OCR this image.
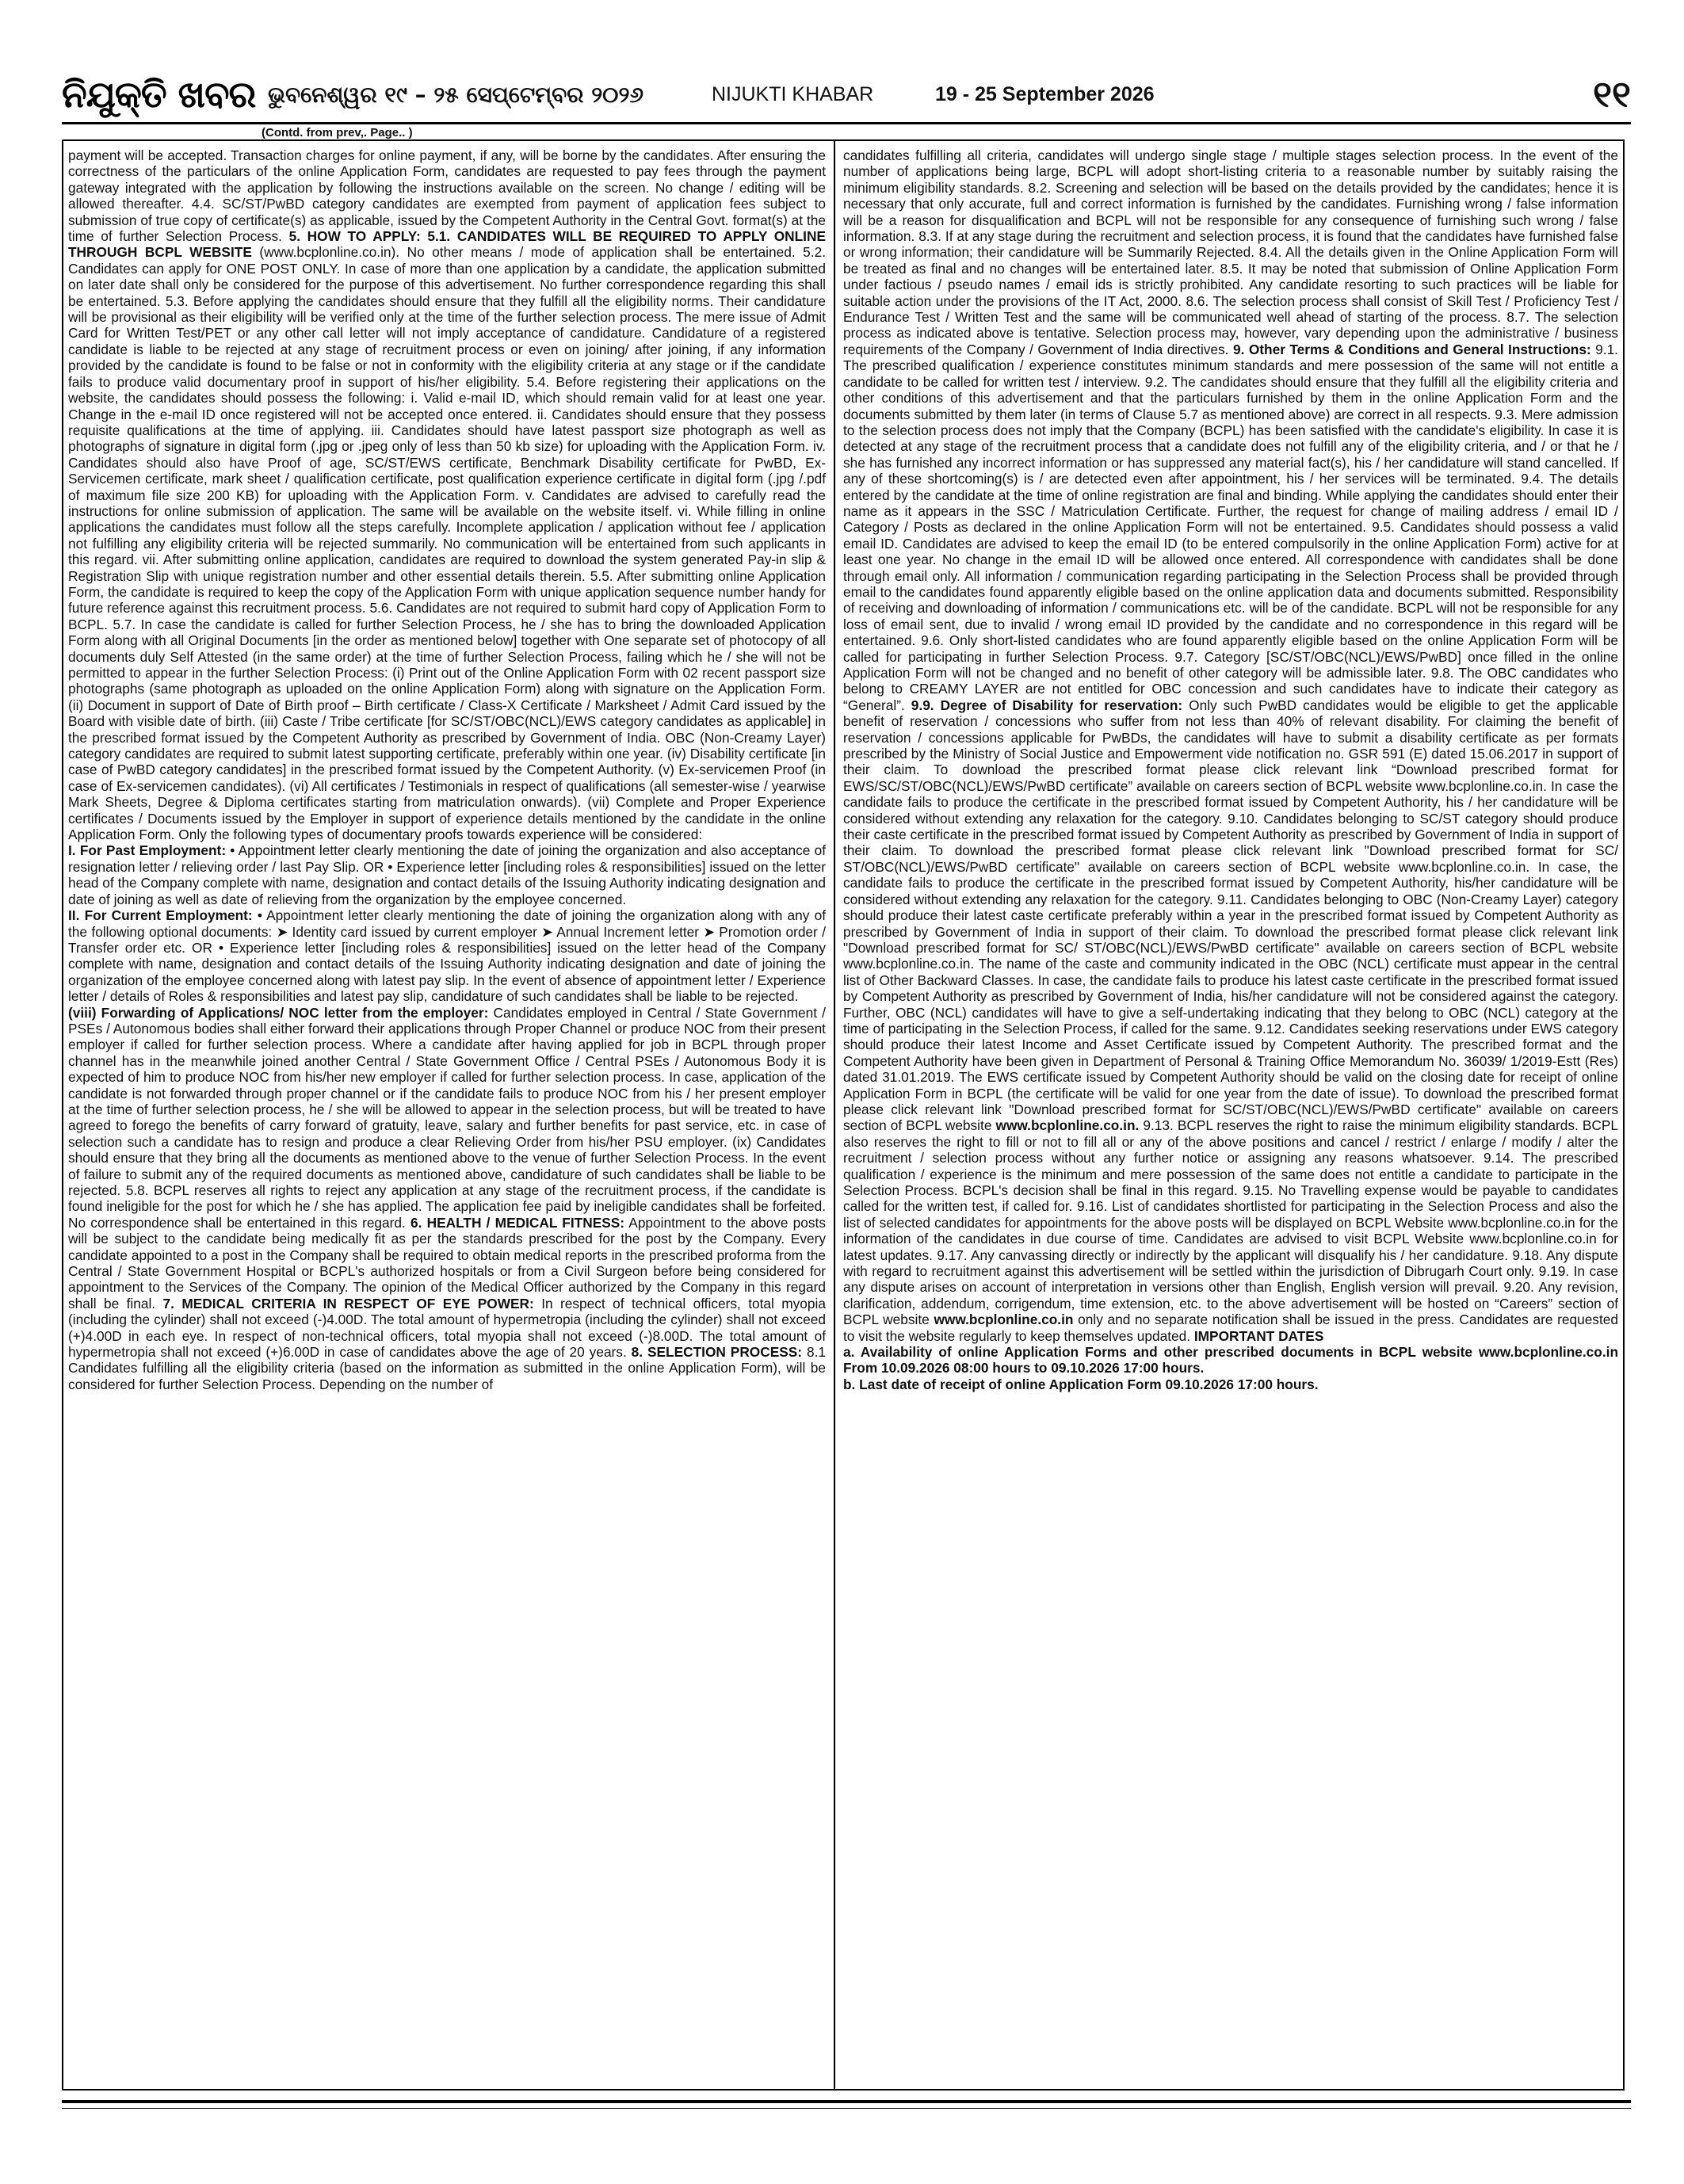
ନିଯୁକ୍ତି ଖବର ଭୁବନେଶ୍ୱର ୧୯ – ୨୫ ସେପ୍ଟେମ୍ବର ୨୦୨୬	NIJUKTI KHABAR	19 - 25 September 2026	୧୧
(Contd. from prev,. Page.. )

payment will be accepted. Transaction charges for online payment, if any, will be borne by the candidates. After ensuring the correctness of the particulars of the online Application Form, candidates are requested to pay fees through the payment gateway integrated with the application by following the instructions available on the screen. No change / editing will be allowed thereafter. 4.4. SC/ST/PwBD category candidates are exempted from payment of application fees subject to submission of true copy of certificate(s) as applicable, issued by the Competent Authority in the Central Govt. format(s) at the time of further Selection Process. 5. HOW TO APPLY: 5.1. CANDIDATES WILL BE REQUIRED TO APPLY ONLINE THROUGH BCPL WEBSITE (www.bcplonline.co.in). No other means / mode of application shall be entertained. 5.2. Candidates can apply for ONE POST ONLY. In case of more than one application by a candidate, the application submitted on later date shall only be considered for the purpose of this advertisement. No further correspondence regarding this shall be entertained. 5.3. Before applying the candidates should ensure that they fulfill all the eligibility norms. Their candidature will be provisional as their eligibility will be verified only at the time of the further selection process. The mere issue of Admit Card for Written Test/PET or any other call letter will not imply acceptance of candidature. Candidature of a registered candidate is liable to be rejected at any stage of recruitment process or even on joining/ after joining, if any information provided by the candidate is found to be false or not in conformity with the eligibility criteria at any stage or if the candidate fails to produce valid documentary proof in support of his/her eligibility. 5.4. Before registering their applications on the website, the candidates should possess the following: i. Valid e-mail ID, which should remain valid for at least one year. Change in the e-mail ID once registered will not be accepted once entered. ii. Candidates should ensure that they possess requisite qualifications at the time of applying. iii. Candidates should have latest passport size photograph as well as photographs of signature in digital form (.jpg or .jpeg only of less than 50 kb size) for uploading with the Application Form. iv. Candidates should also have Proof of age, SC/ST/EWS certificate, Benchmark Disability certificate for PwBD, Ex-Servicemen certificate, mark sheet / qualification certificate, post qualification experience certificate in digital form (.jpg /.pdf of maximum file size 200 KB) for uploading with the Application Form. v. Candidates are advised to carefully read the instructions for online submission of application. The same will be available on the website itself. vi. While filling in online applications the candidates must follow all the steps carefully. Incomplete application / application without fee / application not fulfilling any eligibility criteria will be rejected summarily. No communication will be entertained from such applicants in this regard. vii. After submitting online application, candidates are required to download the system generated Pay-in slip & Registration Slip with unique registration number and other essential details therein. 5.5. After submitting online Application Form, the candidate is required to keep the copy of the Application Form with unique application sequence number handy for future reference against this recruitment process. 5.6. Candidates are not required to submit hard copy of Application Form to BCPL. 5.7. In case the candidate is called for further Selection Process, he / she has to bring the downloaded Application Form along with all Original Documents [in the order as mentioned below] together with One separate set of photocopy of all documents duly Self Attested (in the same order) at the time of further Selection Process, failing which he / she will not be permitted to appear in the further Selection Process: (i) Print out of the Online Application Form with 02 recent passport size photographs (same photograph as uploaded on the online Application Form) along with signature on the Application Form. (ii) Document in support of Date of Birth proof – Birth certificate / Class-X Certificate / Marksheet / Admit Card issued by the Board with visible date of birth. (iii) Caste / Tribe certificate [for SC/ST/OBC(NCL)/EWS category candidates as applicable] in the prescribed format issued by the Competent Authority as prescribed by Government of India. OBC (Non-Creamy Layer) category candidates are required to submit latest supporting certificate, preferably within one year. (iv) Disability certificate [in case of PwBD category candidates] in the prescribed format issued by the Competent Authority. (v) Ex-servicemen Proof (in case of Ex-servicemen candidates). (vi) All certificates / Testimonials in respect of qualifications (all semester-wise / yearwise Mark Sheets, Degree & Diploma certificates starting from matriculation onwards). (vii) Complete and Proper Experience certificates / Documents issued by the Employer in support of experience details mentioned by the candidate in the online Application Form. Only the following types of documentary proofs towards experience will be considered:

I. For Past Employment: • Appointment letter clearly mentioning the date of joining the organization and also acceptance of resignation letter / relieving order / last Pay Slip. OR • Experience letter [including roles & responsibilities] issued on the letter head of the Company complete with name, designation and contact details of the Issuing Authority indicating designation and date of joining as well as date of relieving from the organization by the employee concerned.

II. For Current Employment: • Appointment letter clearly mentioning the date of joining the organization along with any of the following optional documents: ➤ Identity card issued by current employer ➤ Annual Increment letter ➤ Promotion order / Transfer order etc. OR • Experience letter [including roles & responsibilities] issued on the letter head of the Company complete with name, designation and contact details of the Issuing Authority indicating designation and date of joining the organization of the employee concerned along with latest pay slip. In the event of absence of appointment letter / Experience letter / details of Roles & responsibilities and latest pay slip, candidature of such candidates shall be liable to be rejected.

(viii) Forwarding of Applications/ NOC letter from the employer: Candidates employed in Central / State Government / PSEs / Autonomous bodies shall either forward their applications through Proper Channel or produce NOC from their present employer if called for further selection process. Where a candidate after having applied for job in BCPL through proper channel has in the meanwhile joined another Central / State Government Office / Central PSEs / Autonomous Body it is expected of him to produce NOC from his/her new employer if called for further selection process. In case, application of the candidate is not forwarded through proper channel or if the candidate fails to produce NOC from his / her present employer at the time of further selection process, he / she will be allowed to appear in the selection process, but will be treated to have agreed to forego the benefits of carry forward of gratuity, leave, salary and further benefits for past service, etc. in case of selection such a candidate has to resign and produce a clear Relieving Order from his/her PSU employer. (ix) Candidates should ensure that they bring all the documents as mentioned above to the venue of further Selection Process. In the event of failure to submit any of the required documents as mentioned above, candidature of such candidates shall be liable to be rejected. 5.8. BCPL reserves all rights to reject any application at any stage of the recruitment process, if the candidate is found ineligible for the post for which he / she has applied. The application fee paid by ineligible candidates shall be forfeited. No correspondence shall be entertained in this regard. 6. HEALTH / MEDICAL FITNESS: Appointment to the above posts will be subject to the candidate being medically fit as per the standards prescribed for the post by the Company. Every candidate appointed to a post in the Company shall be required to obtain medical reports in the prescribed proforma from the Central / State Government Hospital or BCPL's authorized hospitals or from a Civil Surgeon before being considered for appointment to the Services of the Company. The opinion of the Medical Officer authorized by the Company in this regard shall be final. 7. MEDICAL CRITERIA IN RESPECT OF EYE POWER: In respect of technical officers, total myopia (including the cylinder) shall not exceed (-)4.00D. The total amount of hypermetropia (including the cylinder) shall not exceed (+)4.00D in each eye. In respect of non-technical officers, total myopia shall not exceed (-)8.00D. The total amount of hypermetropia shall not exceed (+)6.00D in case of candidates above the age of 20 years. 8. SELECTION PROCESS: 8.1 Candidates fulfilling all the eligibility criteria (based on the information as submitted in the online Application Form), will be considered for further Selection Process. Depending on the number of

candidates fulfilling all criteria, candidates will undergo single stage / multiple stages selection process. In the event of the number of applications being large, BCPL will adopt short-listing criteria to a reasonable number by suitably raising the minimum eligibility standards. 8.2. Screening and selection will be based on the details provided by the candidates; hence it is necessary that only accurate, full and correct information is furnished by the candidates. Furnishing wrong / false information will be a reason for disqualification and BCPL will not be responsible for any consequence of furnishing such wrong / false information. 8.3. If at any stage during the recruitment and selection process, it is found that the candidates have furnished false or wrong information; their candidature will be Summarily Rejected. 8.4. All the details given in the Online Application Form will be treated as final and no changes will be entertained later. 8.5. It may be noted that submission of Online Application Form under factious / pseudo names / email ids is strictly prohibited. Any candidate resorting to such practices will be liable for suitable action under the provisions of the IT Act, 2000. 8.6. The selection process shall consist of Skill Test / Proficiency Test / Endurance Test / Written Test and the same will be communicated well ahead of starting of the process. 8.7. The selection process as indicated above is tentative. Selection process may, however, vary depending upon the administrative / business requirements of the Company / Government of India directives. 9. Other Terms & Conditions and General Instructions: 9.1. The prescribed qualification / experience constitutes minimum standards and mere possession of the same will not entitle a candidate to be called for written test / interview. 9.2. The candidates should ensure that they fulfill all the eligibility criteria and other conditions of this advertisement and that the particulars furnished by them in the online Application Form and the documents submitted by them later (in terms of Clause 5.7 as mentioned above) are correct in all respects. 9.3. Mere admission to the selection process does not imply that the Company (BCPL) has been satisfied with the candidate's eligibility. In case it is detected at any stage of the recruitment process that a candidate does not fulfill any of the eligibility criteria, and / or that he / she has furnished any incorrect information or has suppressed any material fact(s), his / her candidature will stand cancelled. If any of these shortcoming(s) is / are detected even after appointment, his / her services will be terminated. 9.4. The details entered by the candidate at the time of online registration are final and binding. While applying the candidates should enter their name as it appears in the SSC / Matriculation Certificate. Further, the request for change of mailing address / email ID / Category / Posts as declared in the online Application Form will not be entertained. 9.5. Candidates should possess a valid email ID. Candidates are advised to keep the email ID (to be entered compulsorily in the online Application Form) active for at least one year. No change in the email ID will be allowed once entered. All correspondence with candidates shall be done through email only. All information / communication regarding participating in the Selection Process shall be provided through email to the candidates found apparently eligible based on the online application data and documents submitted. Responsibility of receiving and downloading of information / communications etc. will be of the candidate. BCPL will not be responsible for any loss of email sent, due to invalid / wrong email ID provided by the candidate and no correspondence in this regard will be entertained. 9.6. Only short-listed candidates who are found apparently eligible based on the online Application Form will be called for participating in further Selection Process. 9.7. Category [SC/ST/OBC(NCL)/EWS/PwBD] once filled in the online Application Form will not be changed and no benefit of other category will be admissible later. 9.8. The OBC candidates who belong to CREAMY LAYER are not entitled for OBC concession and such candidates have to indicate their category as “General”. 9.9. Degree of Disability for reservation: Only such PwBD candidates would be eligible to get the applicable benefit of reservation / concessions who suffer from not less than 40% of relevant disability. For claiming the benefit of reservation / concessions applicable for PwBDs, the candidates will have to submit a disability certificate as per formats prescribed by the Ministry of Social Justice and Empowerment vide notification no. GSR 591 (E) dated 15.06.2017 in support of their claim. To download the prescribed format please click relevant link “Download prescribed format for EWS/SC/ST/OBC(NCL)/EWS/PwBD certificate” available on careers section of BCPL website www.bcplonline.co.in. In case the candidate fails to produce the certificate in the prescribed format issued by Competent Authority, his / her candidature will be considered without extending any relaxation for the category. 9.10. Candidates belonging to SC/ST category should produce their caste certificate in the prescribed format issued by Competent Authority as prescribed by Government of India in support of their claim. To download the prescribed format please click relevant link "Download prescribed format for SC/ ST/OBC(NCL)/EWS/PwBD certificate" available on careers section of BCPL website www.bcplonline.co.in. In case, the candidate fails to produce the certificate in the prescribed format issued by Competent Authority, his/her candidature will be considered without extending any relaxation for the category. 9.11. Candidates belonging to OBC (Non-Creamy Layer) category should produce their latest caste certificate preferably within a year in the prescribed format issued by Competent Authority as prescribed by Government of India in support of their claim. To download the prescribed format please click relevant link "Download prescribed format for SC/ ST/OBC(NCL)/EWS/PwBD certificate" available on careers section of BCPL website www.bcplonline.co.in. The name of the caste and community indicated in the OBC (NCL) certificate must appear in the central list of Other Backward Classes. In case, the candidate fails to produce his latest caste certificate in the prescribed format issued by Competent Authority as prescribed by Government of India, his/her candidature will not be considered against the category. Further, OBC (NCL) candidates will have to give a self-undertaking indicating that they belong to OBC (NCL) category at the time of participating in the Selection Process, if called for the same. 9.12. Candidates seeking reservations under EWS category should produce their latest Income and Asset Certificate issued by Competent Authority. The prescribed format and the Competent Authority have been given in Department of Personal & Training Office Memorandum No. 36039/ 1/2019-Estt (Res) dated 31.01.2019. The EWS certificate issued by Competent Authority should be valid on the closing date for receipt of online Application Form in BCPL (the certificate will be valid for one year from the date of issue). To download the prescribed format please click relevant link "Download prescribed format for SC/ST/OBC(NCL)/EWS/PwBD certificate" available on careers section of BCPL website www.bcplonline.co.in. 9.13. BCPL reserves the right to raise the minimum eligibility standards. BCPL also reserves the right to fill or not to fill all or any of the above positions and cancel / restrict / enlarge / modify / alter the recruitment / selection process without any further notice or assigning any reasons whatsoever. 9.14. The prescribed qualification / experience is the minimum and mere possession of the same does not entitle a candidate to participate in the Selection Process. BCPL's decision shall be final in this regard. 9.15. No Travelling expense would be payable to candidates called for the written test, if called for. 9.16. List of candidates shortlisted for participating in the Selection Process and also the list of selected candidates for appointments for the above posts will be displayed on BCPL Website www.bcplonline.co.in for the information of the candidates in due course of time. Candidates are advised to visit BCPL Website www.bcplonline.co.in for latest updates. 9.17. Any canvassing directly or indirectly by the applicant will disqualify his / her candidature. 9.18. Any dispute with regard to recruitment against this advertisement will be settled within the jurisdiction of Dibrugarh Court only. 9.19. In case any dispute arises on account of interpretation in versions other than English, English version will prevail. 9.20. Any revision, clarification, addendum, corrigendum, time extension, etc. to the above advertisement will be hosted on “Careers” section of BCPL website www.bcplonline.co.in only and no separate notification shall be issued in the press. Candidates are requested to visit the website regularly to keep themselves updated. IMPORTANT DATES

a. Availability of online Application Forms and other prescribed documents in BCPL website www.bcplonline.co.in From 10.09.2026 08:00 hours to 09.10.2026 17:00 hours.

b. Last date of receipt of online Application Form 09.10.2026 17:00 hours.
